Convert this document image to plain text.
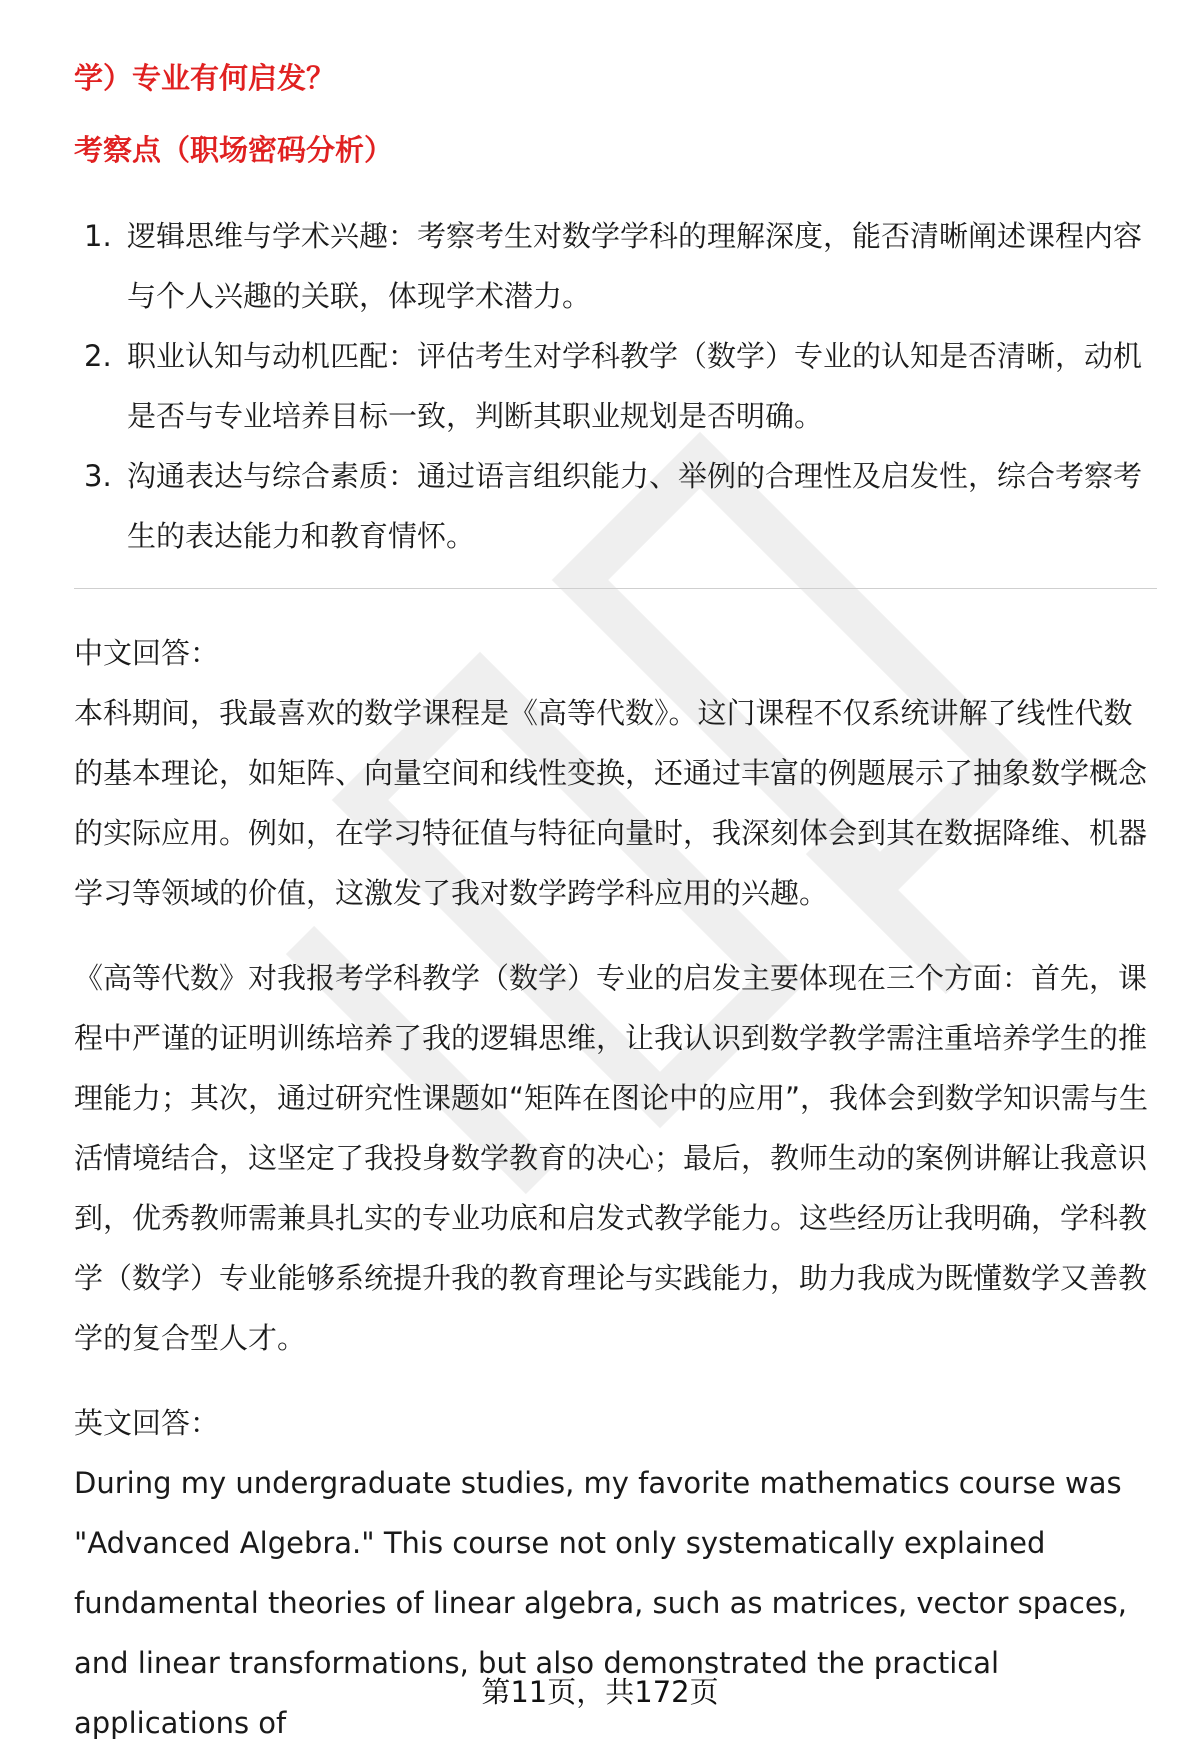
学）专业有何启发？

考察点（职场密码分析）

1. 逻辑思维与学术兴趣：考察考生对数学学科的理解深度，能否清晰阐述课程内容与个人兴趣的关联，体现学术潜力。
2. 职业认知与动机匹配：评估考生对学科教学（数学）专业的认知是否清晰，动机是否与专业培养目标一致，判断其职业规划是否明确。
3. 沟通表达与综合素质：通过语言组织能力、举例的合理性及启发性，综合考察考生的表达能力和教育情怀。

中文回答：

本科期间，我最喜欢的数学课程是《高等代数》。这门课程不仅系统讲解了线性代数的基本理论，如矩阵、向量空间和线性变换，还通过丰富的例题展示了抽象数学概念的实际应用。例如，在学习特征值与特征向量时，我深刻体会到其在数据降维、机器学习等领域的价值，这激发了我对数学跨学科应用的兴趣。

《高等代数》对我报考学科教学（数学）专业的启发主要体现在三个方面：首先，课程中严谨的证明训练培养了我的逻辑思维，让我认识到数学教学需注重培养学生的推理能力；其次，通过研究性课题如“矩阵在图论中的应用”，我体会到数学知识需与生活情境结合，这坚定了我投身数学教育的决心；最后，教师生动的案例讲解让我意识到，优秀教师需兼具扎实的专业功底和启发式教学能力。这些经历让我明确，学科教学（数学）专业能够系统提升我的教育理论与实践能力，助力我成为既懂数学又善教学的复合型人才。

英文回答：

During my undergraduate studies, my favorite mathematics course was "Advanced Algebra." This course not only systematically explained fundamental theories of linear algebra, such as matrices, vector spaces, and linear transformations, but also demonstrated the practical applications of

第11页，共172页
